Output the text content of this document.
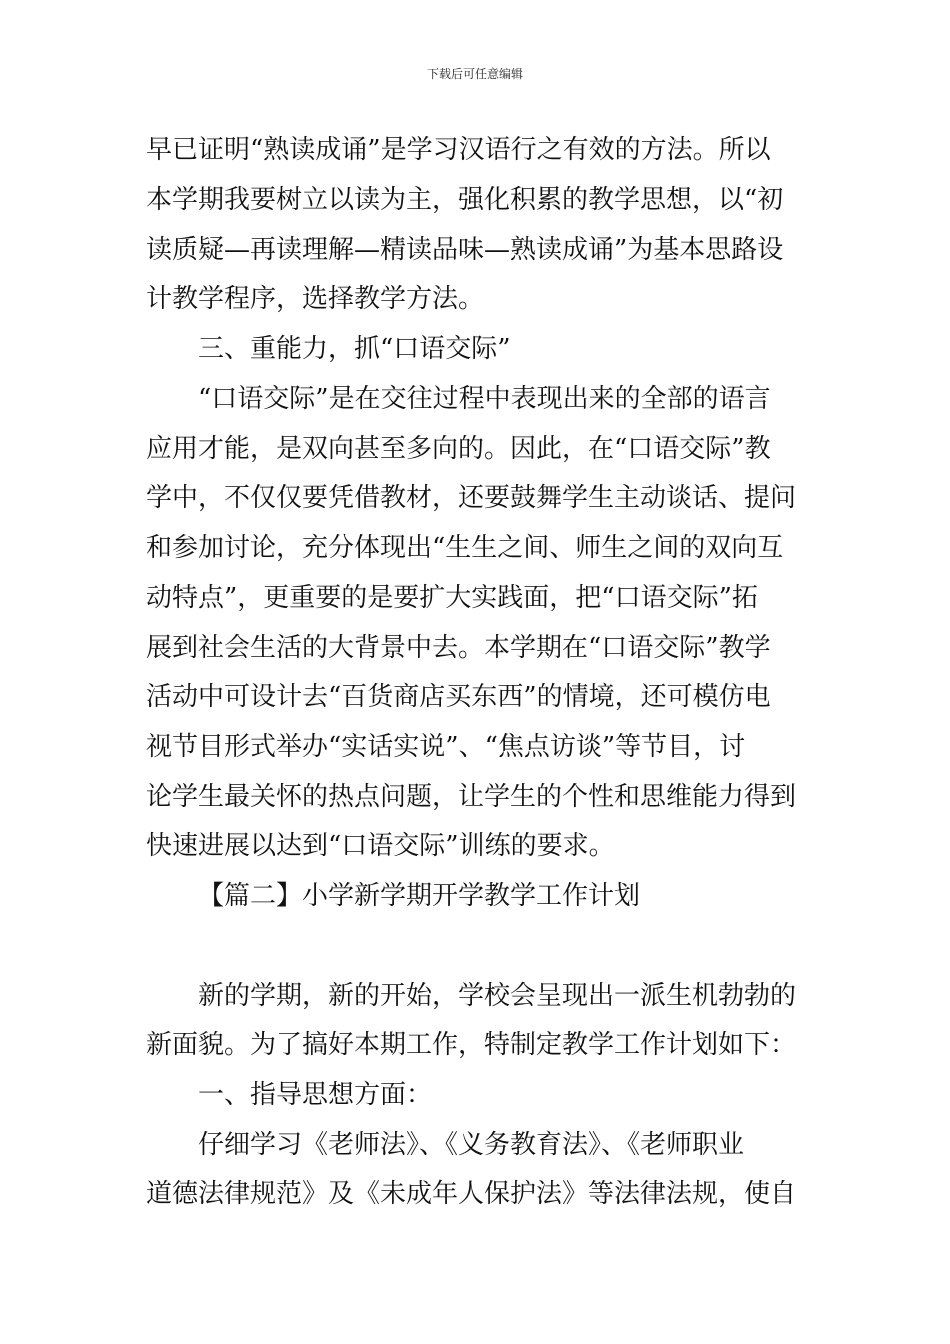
下载后可任意编辑
早已证明“熟读成诵”是学习汉语行之有效的方法。所以
本学期我要树立以读为主，强化积累的教学思想，以“初
读质疑—再读理解—精读品味—熟读成诵”为基本思路设
计教学程序，选择教学方法。
三、重能力，抓“口语交际”
“口语交际”是在交往过程中表现出来的全部的语言
应用才能，是双向甚至多向的。因此，在“口语交际”教
学中，不仅仅要凭借教材，还要鼓舞学生主动谈话、提问
和参加讨论，充分体现出“生生之间、师生之间的双向互
动特点”，更重要的是要扩大实践面，把“口语交际”拓
展到社会生活的大背景中去。本学期在“口语交际”教学
活动中可设计去“百货商店买东西”的情境，还可模仿电
视节目形式举办“实话实说”、“焦点访谈”等节目，讨
论学生最关怀的热点问题，让学生的个性和思维能力得到
快速进展以达到“口语交际”训练的要求。
【篇二】小学新学期开学教学工作计划
新的学期，新的开始，学校会呈现出一派生机勃勃的
新面貌。为了搞好本期工作，特制定教学工作计划如下：
一、指导思想方面：
仔细学习《老师法》、《义务教育法》、《老师职业
道德法律规范》及《未成年人保护法》等法律法规，使自
